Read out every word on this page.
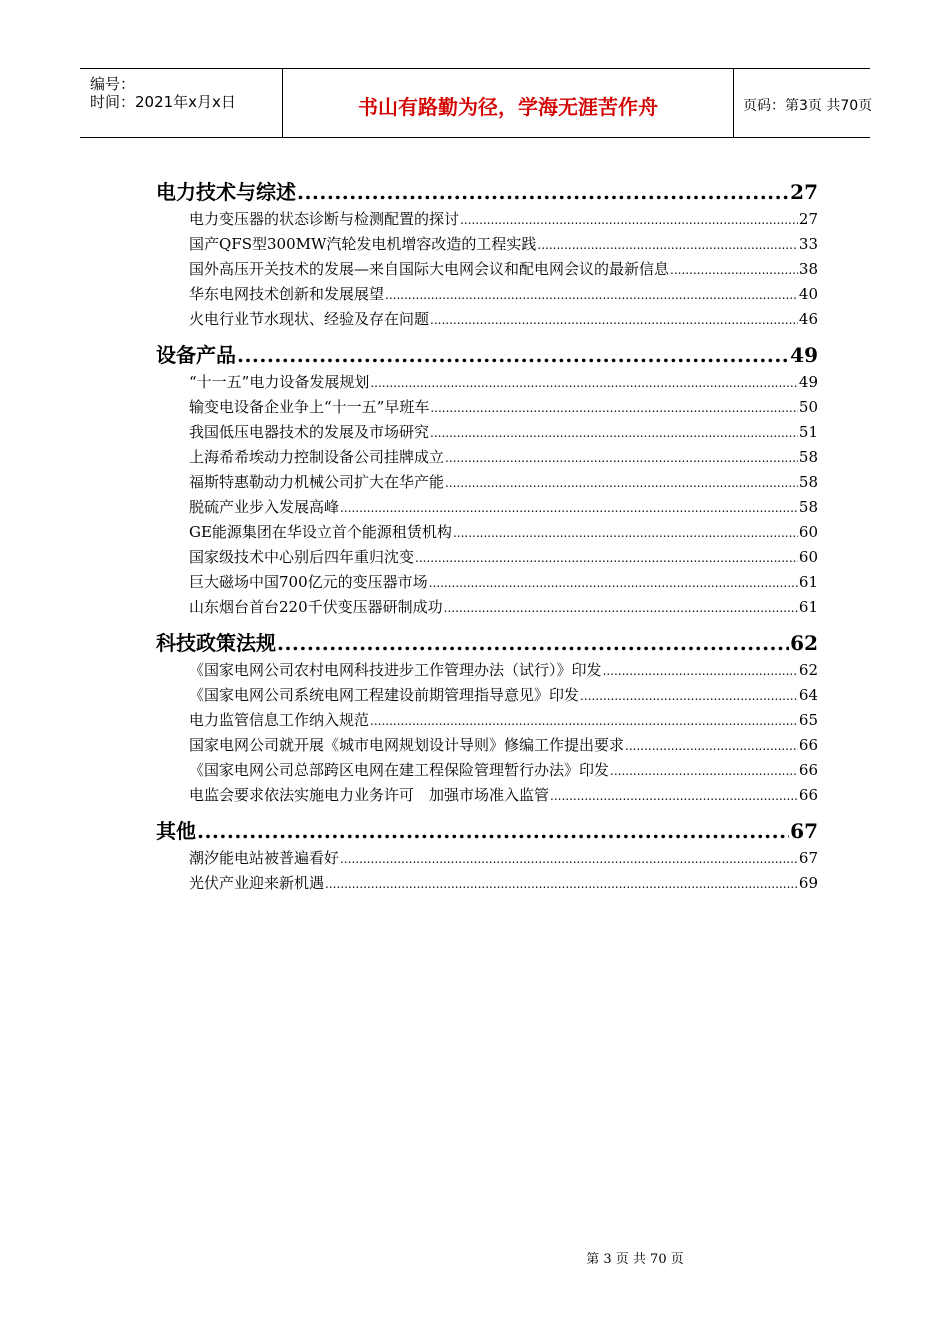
编号：
时间：2021年x月x日	书山有路勤为径，学海无涯苦作舟	页码：第3页 共70页
电力技术与综述 .....	27
电力变压器的状态诊断与检测配置的探讨 .....	27
国产QFS型300MW汽轮发电机增容改造的工程实践 .....	33
国外高压开关技术的发展—来自国际大电网会议和配电网会议的最新信息 .....	38
华东电网技术创新和发展展望 .....	40
火电行业节水现状、经验及存在问题 .....	46
设备产品 .....	49
“十一五”电力设备发展规划 .....	49
输变电设备企业争上“十一五”早班车 .....	50
我国低压电器技术的发展及市场研究 .....	51
上海希希埃动力控制设备公司挂牌成立 .....	58
福斯特惠勒动力机械公司扩大在华产能 .....	58
脱硫产业步入发展高峰 .....	58
GE能源集团在华设立首个能源租赁机构 .....	60
国家级技术中心别后四年重归沈变 .....	60
巨大磁场中国700亿元的变压器市场 .....	61
山东烟台首台220千伏变压器研制成功 .....	61
科技政策法规 .....	62
《国家电网公司农村电网科技进步工作管理办法（试行）》印发 .....	62
《国家电网公司系统电网工程建设前期管理指导意见》印发 .....	64
电力监管信息工作纳入规范 .....	65
国家电网公司就开展《城市电网规划设计导则》修编工作提出要求 .....	66
《国家电网公司总部跨区电网在建工程保险管理暂行办法》印发 .....	66
电监会要求依法实施电力业务许可　加强市场准入监管 .....	66
其他 .....	67
潮汐能电站被普遍看好 .....	67
光伏产业迎来新机遇 .....	69
第 3 页 共 70 页
